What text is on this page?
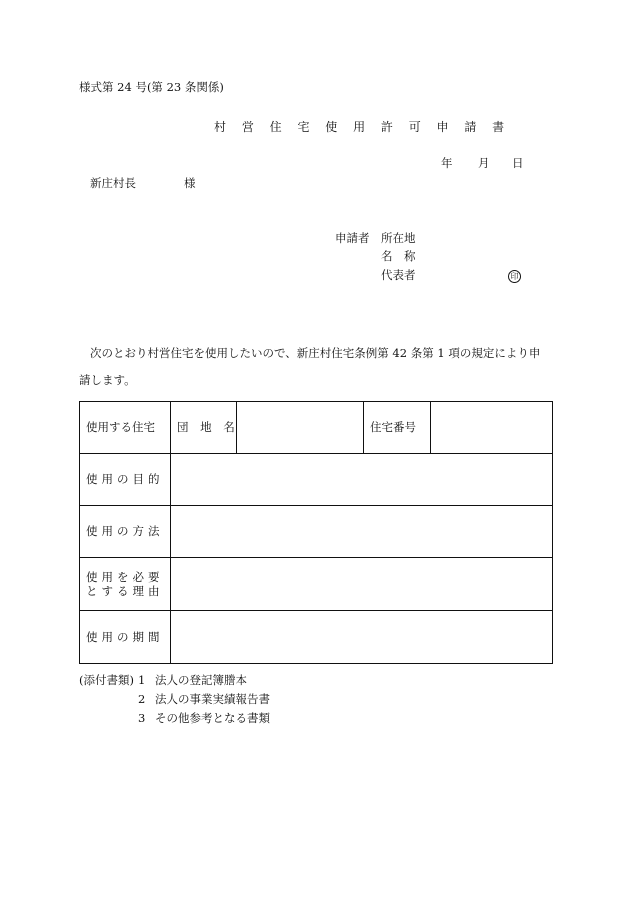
様式第 24 号(第 23 条関係)
村 営 住 宅 使 用 許 可 申 請 書
年 月 日
新庄村長	様
申請者 所在地
名　称
代表者	印
次のとおり村営住宅を使用したいので、新庄村住宅条例第 42 条第 1 項の規定により申
請します。
使用する住宅	団 地 名		住宅番号	
使用の目的				
使用の方法				

使用を必要
とする理由				

使用の期間				
(添付書類) 1 法人の登記簿謄本
2 法人の事業実績報告書
3 その他参考となる書類
